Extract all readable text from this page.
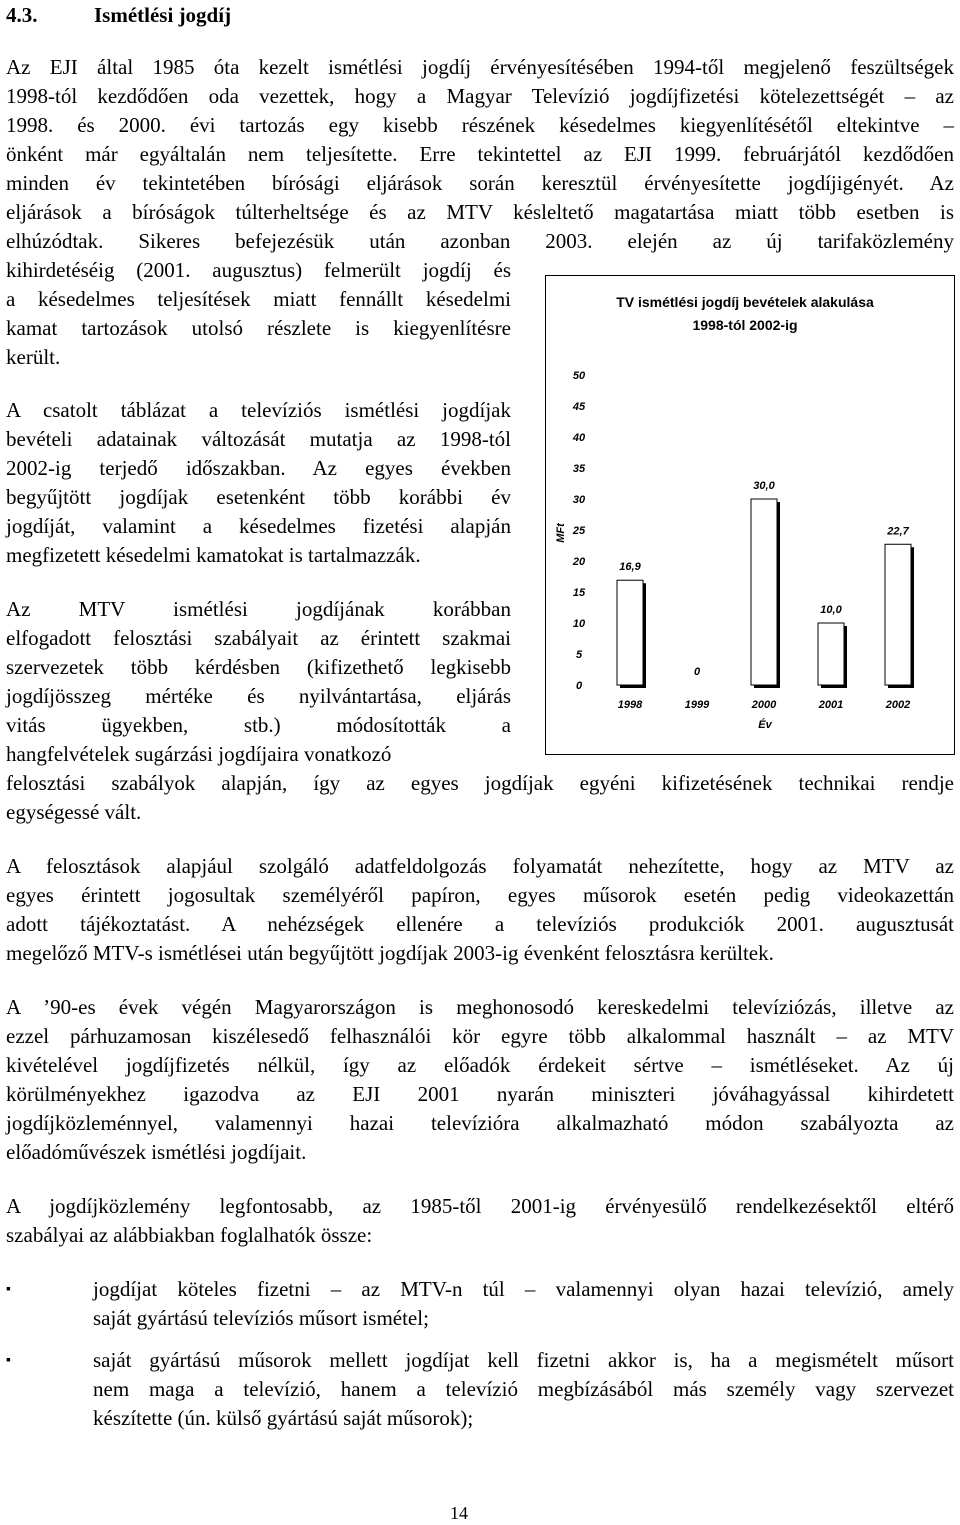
4.3.	Ismétlési jogdíj
Az EJI által 1985 óta kezelt ismétlési jogdíj érvényesítésében 1994-től megjelenő feszültségek
1998-tól kezdődően oda vezettek, hogy a Magyar Televízió jogdíjfizetési kötelezettségét – az
1998. és 2000. évi tartozás egy kisebb részének késedelmes kiegyenlítésétől eltekintve –
önként már egyáltalán nem teljesítette. Erre tekintettel az EJI 1999. februárjától kezdődően
minden év tekintetében bírósági eljárások során keresztül érvényesítette jogdíjigényét. Az
eljárások a bíróságok túlterheltsége és az MTV késleltető magatartása miatt több esetben is
elhúzódtak. Sikeres befejezésük után azonban 2003. elején az új tarifaközlemény
kihirdetéséig (2001. augusztus) felmerült jogdíj és
a késedelmes teljesítések miatt fennállt késedelmi
kamat tartozások utolsó részlete is kiegyenlítésre
került.
A csatolt táblázat a televíziós ismétlési jogdíjak
bevételi adatainak változását mutatja az 1998-tól
2002-ig terjedő időszakban. Az egyes években
begyűjtött jogdíjak esetenként több korábbi év
jogdíját, valamint a késedelmes fizetési alapján
megfizetett késedelmi kamatokat is tartalmazzák.
Az MTV ismétlési jogdíjának korábban
elfogadott felosztási szabályait az érintett szakmai
szervezetek több kérdésben (kifizethető legkisebb
jogdíjösszeg mértéke és nyilvántartása, eljárás
vitás ügyekben, stb.) módosították a
hangfelvételek sugárzási jogdíjaira vonatkozó
felosztási szabályok alapján, így az egyes jogdíjak egyéni kifizetésének technikai rendje
egységessé vált.
A felosztások alapjául szolgáló adatfeldolgozás folyamatát nehezítette, hogy az MTV az
egyes érintett jogosultak személyéről papíron, egyes műsorok esetén pedig videokazettán
adott tájékoztatást. A nehézségek ellenére a televíziós produkciók 2001. augusztusát
megelőző MTV-s ismétlései után begyűjtött jogdíjak 2003-ig évenként felosztásra kerültek.
A ’90-es évek végén Magyarországon is meghonosodó kereskedelmi televíziózás, illetve az
ezzel párhuzamosan kiszélesedő felhasználói kör egyre több alkalommal használt – az MTV
kivételével jogdíjfizetés nélkül, így az előadók érdekeit sértve – ismétléseket. Az új
körülményekhez igazodva az EJI 2001 nyarán miniszteri jóváhagyással kihirdetett
jogdíjközleménnyel, valamennyi hazai televízióra alkalmazható módon szabályozta az
előadóművészek ismétlési jogdíjait.
A jogdíjközlemény legfontosabb, az 1985-től 2001-ig érvényesülő rendelkezésektől eltérő
szabályai az alábbiakban foglalhatók össze:
▪	jogdíjat köteles fizetni – az MTV-n túl – valamennyi olyan hazai televízió, amely
saját gyártású televíziós műsort ismétel;
▪	saját gyártású műsorok mellett jogdíjat kell fizetni akkor is, ha a megismételt műsort
nem maga a televízió, hanem a televízió megbízásából más személy vagy szervezet
készítette (ún. külső gyártású saját műsorok);
TV ismétlési jogdíj bevételek alakulása
1998-tól 2002-ig
MFt
Év
0
5
10
15
20
25
30
35
40
45
50
16,9
1998
0
1999
30,0
2000
10,0
2001
22,7
2002
14
